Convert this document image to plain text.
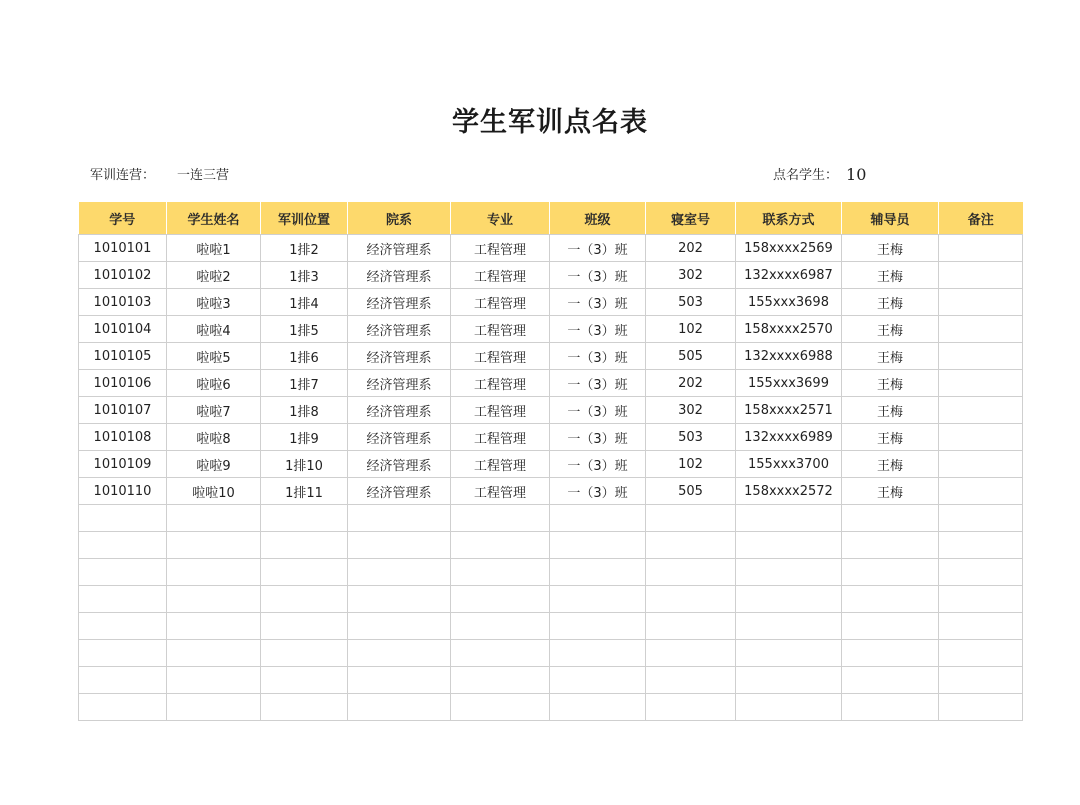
学生军训点名表
军训连营： 一连三营	点名学生： 10
学号	学生姓名	军训位置	院系	专业	班级	寝室号	联系方式	辅导员	备注
1010101	啦啦1	1排2	经济管理系	工程管理	一（3）班	202	158xxxx2569	王梅	
1010102	啦啦2	1排3	经济管理系	工程管理	一（3）班	302	132xxxx6987	王梅	
1010103	啦啦3	1排4	经济管理系	工程管理	一（3）班	503	155xxx3698	王梅	
1010104	啦啦4	1排5	经济管理系	工程管理	一（3）班	102	158xxxx2570	王梅	
1010105	啦啦5	1排6	经济管理系	工程管理	一（3）班	505	132xxxx6988	王梅	
1010106	啦啦6	1排7	经济管理系	工程管理	一（3）班	202	155xxx3699	王梅	
1010107	啦啦7	1排8	经济管理系	工程管理	一（3）班	302	158xxxx2571	王梅	
1010108	啦啦8	1排9	经济管理系	工程管理	一（3）班	503	132xxxx6989	王梅	
1010109	啦啦9	1排10	经济管理系	工程管理	一（3）班	102	155xxx3700	王梅	
1010110	啦啦10	1排11	经济管理系	工程管理	一（3）班	505	158xxxx2572	王梅	
